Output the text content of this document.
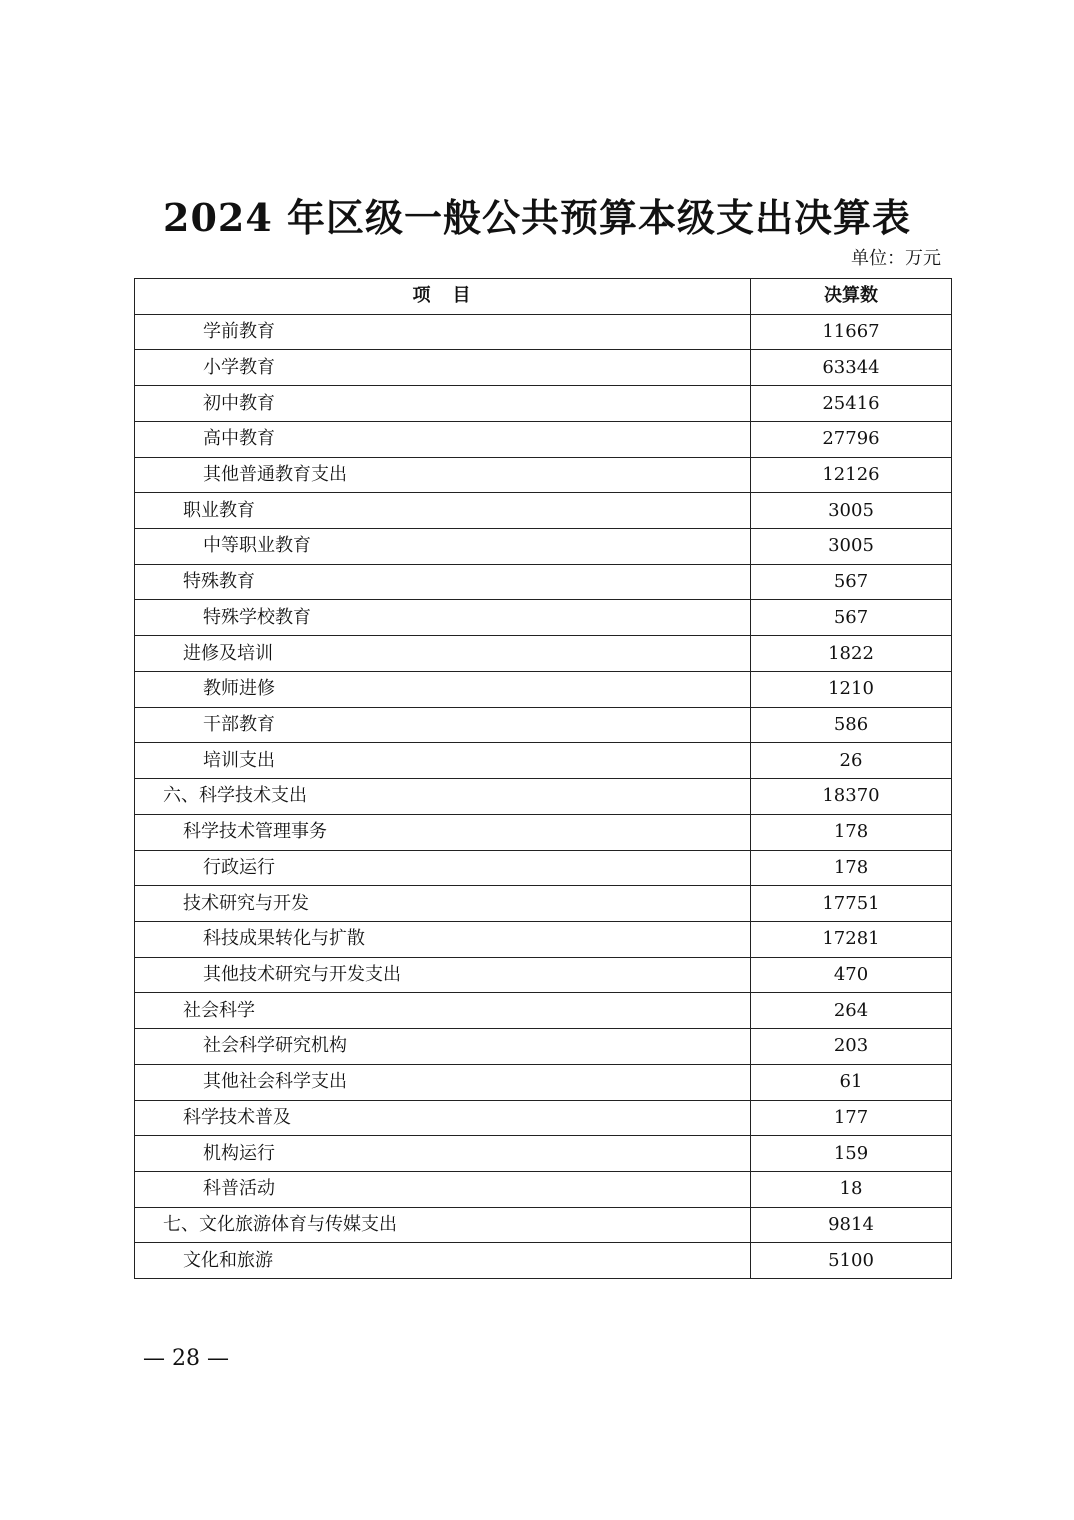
2024 年区级一般公共预算本级支出决算表
单位：万元
项　目	决算数
学前教育	11667
小学教育	63344
初中教育	25416
高中教育	27796
其他普通教育支出	12126
职业教育	3005
中等职业教育	3005
特殊教育	567
特殊学校教育	567
进修及培训	1822
教师进修	1210
干部教育	586
培训支出	26
六、科学技术支出	18370
科学技术管理事务	178
行政运行	178
技术研究与开发	17751
科技成果转化与扩散	17281
其他技术研究与开发支出	470
社会科学	264
社会科学研究机构	203
其他社会科学支出	61
科学技术普及	177
机构运行	159
科普活动	18
七、文化旅游体育与传媒支出	9814
文化和旅游	5100
— 28 —
